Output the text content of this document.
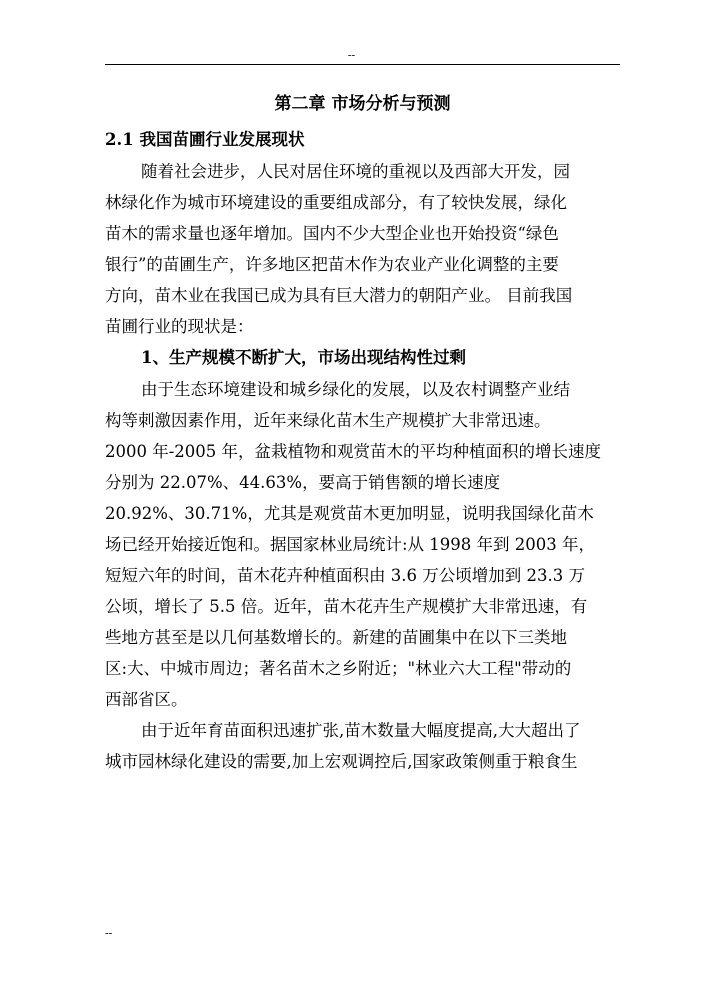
--
第二章 市场分析与预测
2.1 我国苗圃行业发展现状
随着社会进步，人民对居住环境的重视以及西部大开发，园
林绿化作为城市环境建设的重要组成部分，有了较快发展，绿化
苗木的需求量也逐年增加。国内不少大型企业也开始投资“绿色
银行”的苗圃生产，许多地区把苗木作为农业产业化调整的主要
方向，苗木业在我国已成为具有巨大潜力的朝阳产业。 目前我国
苗圃行业的现状是：
1、生产规模不断扩大，市场出现结构性过剩
由于生态环境建设和城乡绿化的发展，以及农村调整产业结
构等刺激因素作用，近年来绿化苗木生产规模扩大非常迅速。
2000 年-2005 年，盆栽植物和观赏苗木的平均种植面积的增长速度
分别为 22.07%、44.63%，要高于销售额的增长速度
20.92%、30.71%，尤其是观赏苗木更加明显，说明我国绿化苗木
场已经开始接近饱和。据国家林业局统计:从 1998 年到 2003 年，
短短六年的时间，苗木花卉种植面积由 3.6 万公顷增加到 23.3 万
公顷，增长了 5.5 倍。近年，苗木花卉生产规模扩大非常迅速，有
些地方甚至是以几何基数增长的。新建的苗圃集中在以下三类地
区:大、中城市周边；著名苗木之乡附近；"林业六大工程"带动的
西部省区。
由于近年育苗面积迅速扩张,苗木数量大幅度提高,大大超出了
城市园林绿化建设的需要,加上宏观调控后,国家政策侧重于粮食生
--
